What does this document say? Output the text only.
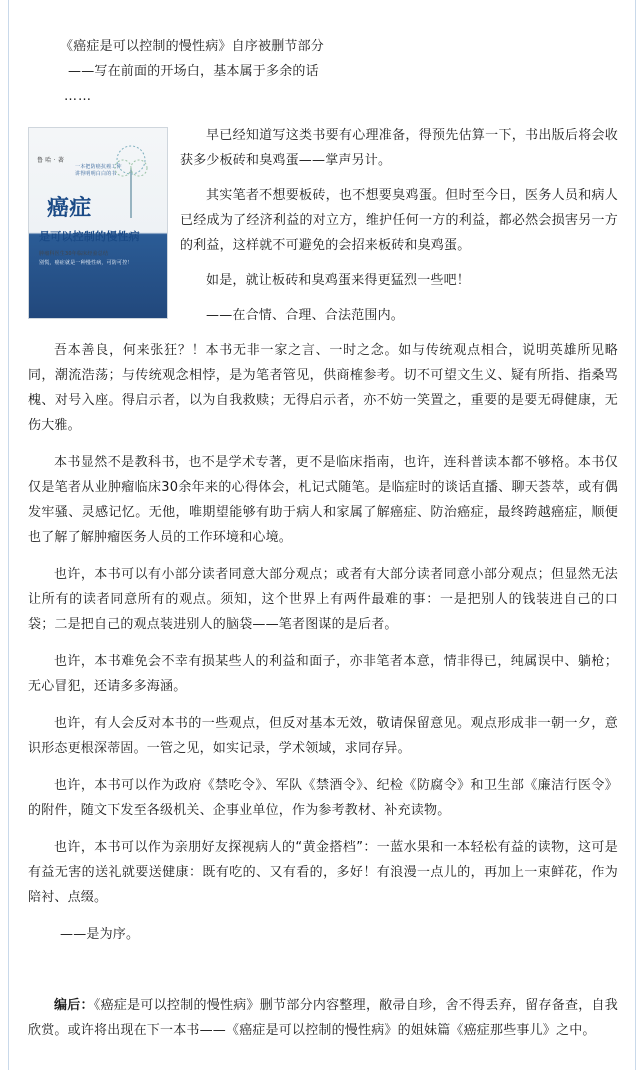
《癌症是可以控制的慢性病》自序被删节部分
——写在前面的开场白，基本属于多余的话
……
鲁 哈 · 著
一本把防癌抗癌工作讲得明明白白的书
癌症
是可以控制的慢性病
肿瘤科医生30年临床经验总结
别慌，癌症就是一种慢性病，可防可控！

早已经知道写这类书要有心理准备，得预先估算一下，书出版后将会收获多少板砖和臭鸡蛋——掌声另计。

其实笔者不想要板砖，也不想要臭鸡蛋。但时至今日，医务人员和病人已经成为了经济利益的对立方，维护任何一方的利益，都必然会损害另一方的利益，这样就不可避免的会招来板砖和臭鸡蛋。

如是，就让板砖和臭鸡蛋来得更猛烈一些吧！

——在合情、合理、合法范围内。

吾本善良，何来张狂？！本书无非一家之言、一时之念。如与传统观点相合，说明英雄所见略同，潮流浩荡；与传统观念相悖，是为笔者管见，供商榷参考。切不可望文生义、疑有所指、指桑骂槐、对号入座。得启示者，以为自我救赎；无得启示者，亦不妨一笑置之，重要的是要无碍健康，无伤大雅。

本书显然不是教科书，也不是学术专著，更不是临床指南，也许，连科普读本都不够格。本书仅仅是笔者从业肿瘤临床30余年来的心得体会，札记式随笔。是临症时的谈话直播、聊天荟萃，或有偶发牢骚、灵感记忆。无他，唯期望能够有助于病人和家属了解癌症、防治癌症，最终跨越癌症，顺便也了解了解肿瘤医务人员的工作环境和心境。

也许，本书可以有小部分读者同意大部分观点；或者有大部分读者同意小部分观点；但显然无法让所有的读者同意所有的观点。须知，这个世界上有两件最难的事：一是把别人的钱装进自己的口袋；二是把自己的观点装进别人的脑袋——笔者图谋的是后者。

也许，本书难免会不幸有损某些人的利益和面子，亦非笔者本意，情非得已，纯属误中、躺枪；无心冒犯，还请多多海涵。

也许，有人会反对本书的一些观点，但反对基本无效，敬请保留意见。观点形成非一朝一夕，意识形态更根深蒂固。一管之见，如实记录，学术领域，求同存异。

也许，本书可以作为政府《禁吃令》、军队《禁酒令》、纪检《防腐令》和卫生部《廉洁行医令》的附件，随文下发至各级机关、企事业单位，作为参考教材、补充读物。

也许，本书可以作为亲朋好友探视病人的“黄金搭档”：一蓝水果和一本轻松有益的读物，这可是有益无害的送礼就要送健康：既有吃的、又有看的，多好！有浪漫一点儿的，再加上一束鲜花，作为陪衬、点缀。

——是为序。

编后：《癌症是可以控制的慢性病》删节部分内容整理，敝帚自珍，舍不得丢弃，留存备查，自我欣赏。或许将出现在下一本书——《癌症是可以控制的慢性病》的姐妹篇《癌症那些事儿》之中。
